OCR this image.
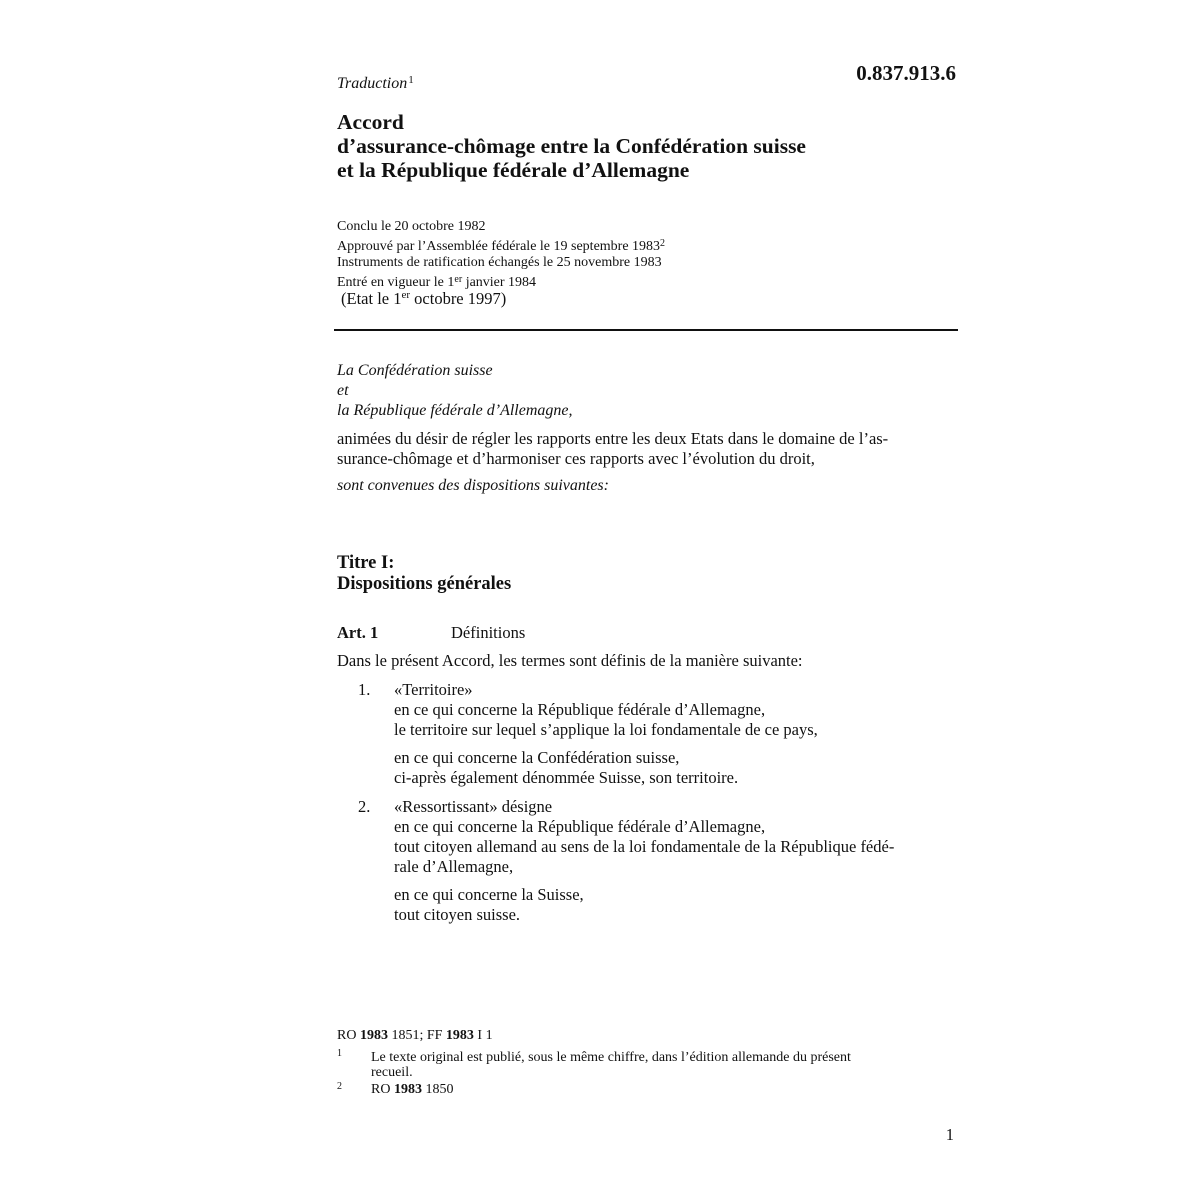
Traduction$^1$	0.837.913.6
Accord
d’assurance-chômage entre la Confédération suisse
et la République fédérale d’Allemagne
Conclu le 20 octobre 1982
Approuvé par l’Assemblée fédérale le 19 septembre 1983$^2$
Instruments de ratification échangés le 25 novembre 1983
Entré en vigueur le 1er janvier 1984
(Etat le 1er octobre 1997)
La Confédération suisse
et
la République fédérale d’Allemagne,
animées du désir de régler les rapports entre les deux Etats dans le domaine de l’as-
surance-chômage et d’harmoniser ces rapports avec l’évolution du droit,
sont convenues des dispositions suivantes:
Titre I:
Dispositions générales
Art. 1	Définitions
Dans le présent Accord, les termes sont définis de la manière suivante:
1. «Territoire»
en ce qui concerne la République fédérale d’Allemagne,
le territoire sur lequel s’applique la loi fondamentale de ce pays,
en ce qui concerne la Confédération suisse,
ci-après également dénommée Suisse, son territoire.
2. «Ressortissant» désigne
en ce qui concerne la République fédérale d’Allemagne,
tout citoyen allemand au sens de la loi fondamentale de la République fédé-
rale d’Allemagne,
en ce qui concerne la Suisse,
tout citoyen suisse.
RO 1983 1851; FF 1983 I 1
1 Le texte original est publié, sous le même chiffre, dans l’édition allemande du présent
recueil.
2 RO 1983 1850
1
